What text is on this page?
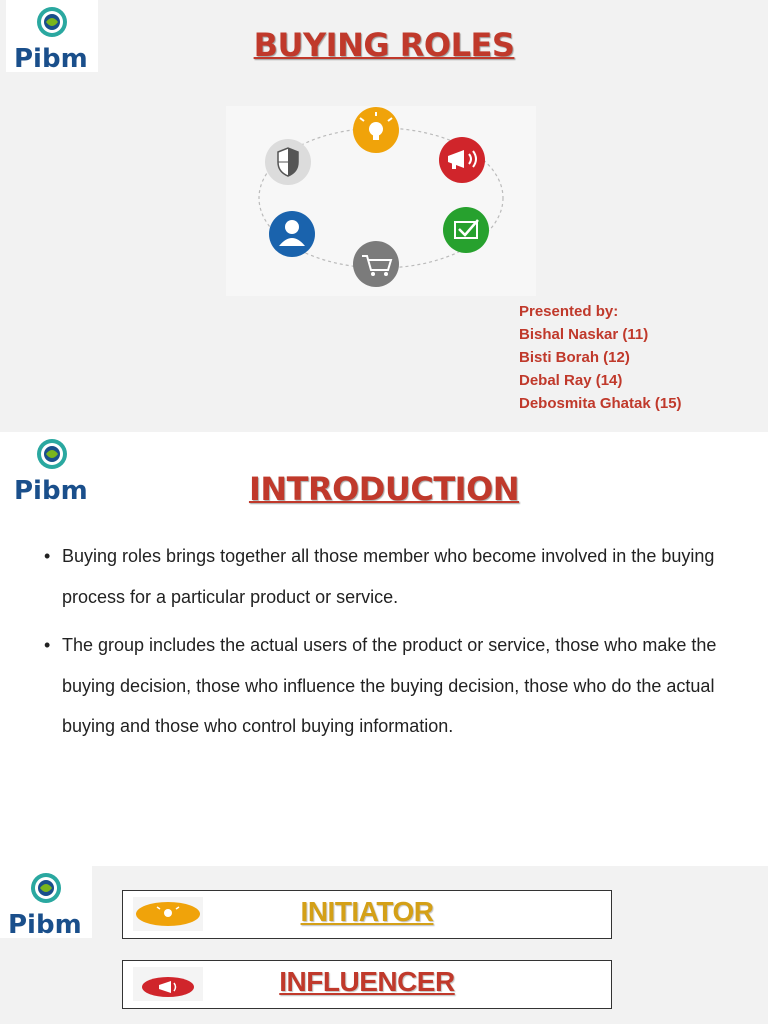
Pibm	BUYING ROLES
Presented by:
Bishal Naskar (11)
Bisti Borah (12)
Debal Ray (14)
Debosmita Ghatak (15)
Pibm	INTRODUCTION
• Buying roles brings together all those member who become involved in the buying process for a particular product or service.
• The group includes the actual users of the product or service, those who make the buying decision, those who influence the buying decision, those who do the actual buying and those who control buying information.
Pibm	INITIATOR
INFLUENCER
